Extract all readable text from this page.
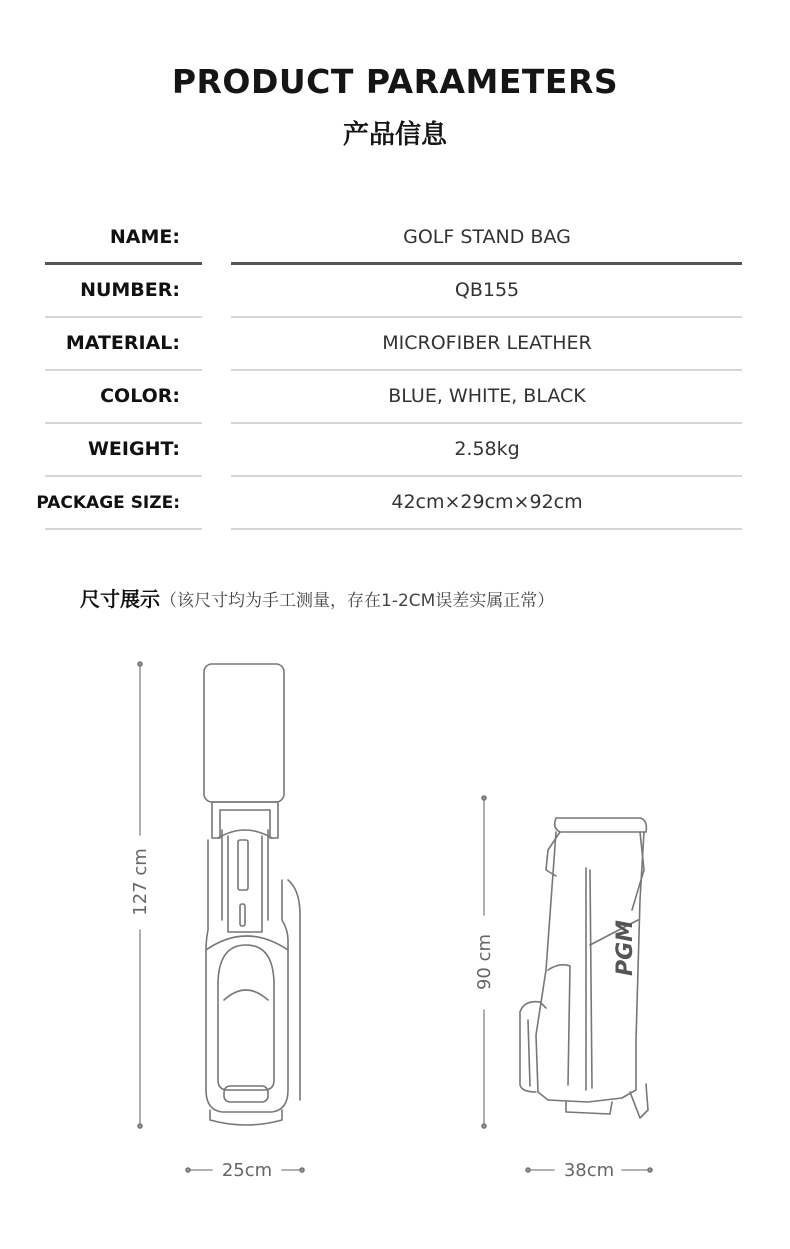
PRODUCT PARAMETERS
产品信息
NAME:	GOLF STAND BAG
NUMBER:	QB155
MATERIAL:	MICROFIBER LEATHER
COLOR:	BLUE, WHITE, BLACK
WEIGHT:	2.58kg
PACKAGE SIZE:	42cm×29cm×92cm
尺寸展示（该尺寸均为手工测量，存在1-2CM误差实属正常）
PGM
127 cm
25cm
90 cm
38cm
